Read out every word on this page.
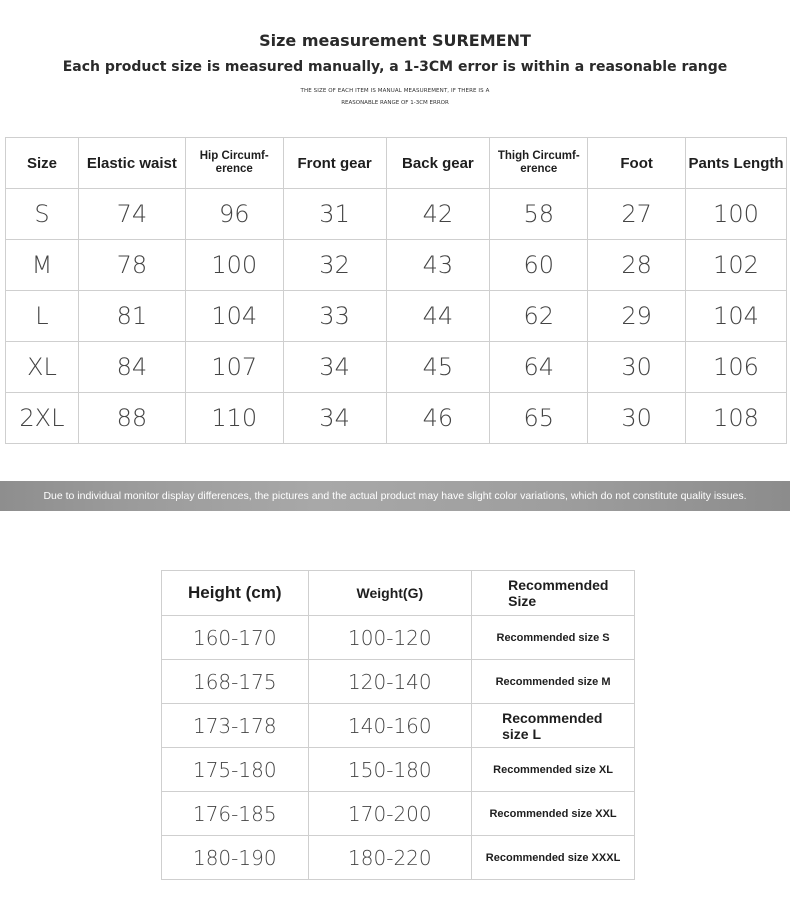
Size measurement SUREMENT
Each product size is measured manually, a 1-3CM error is within a reasonable range
THE SIZE OF EACH ITEM IS MANUAL MEASUREMENT, IF THERE IS A
REASONABLE RANGE OF 1-3CM ERROR
Size	Elastic waist	Hip Circumf-
erence	Front gear	Back gear	Thigh Circumf-
erence	Foot	Pants Length
S	74	96	31	42	58	27	100
M	78	100	32	43	60	28	102
L	81	104	33	44	62	29	104
XL	84	107	34	45	64	30	106
2XL	88	110	34	46	65	30	108
Due to individual monitor display differences, the pictures and the actual product may have slight color variations, which do not constitute quality issues.
Height (cm)	Weight(G)	Recommended
Size
160-170	100-120	Recommended size S
168-175	120-140	Recommended size M
173-178	140-160	Recommended
size L
175-180	150-180	Recommended size XL
176-185	170-200	Recommended size XXL
180-190	180-220	Recommended size XXXL
